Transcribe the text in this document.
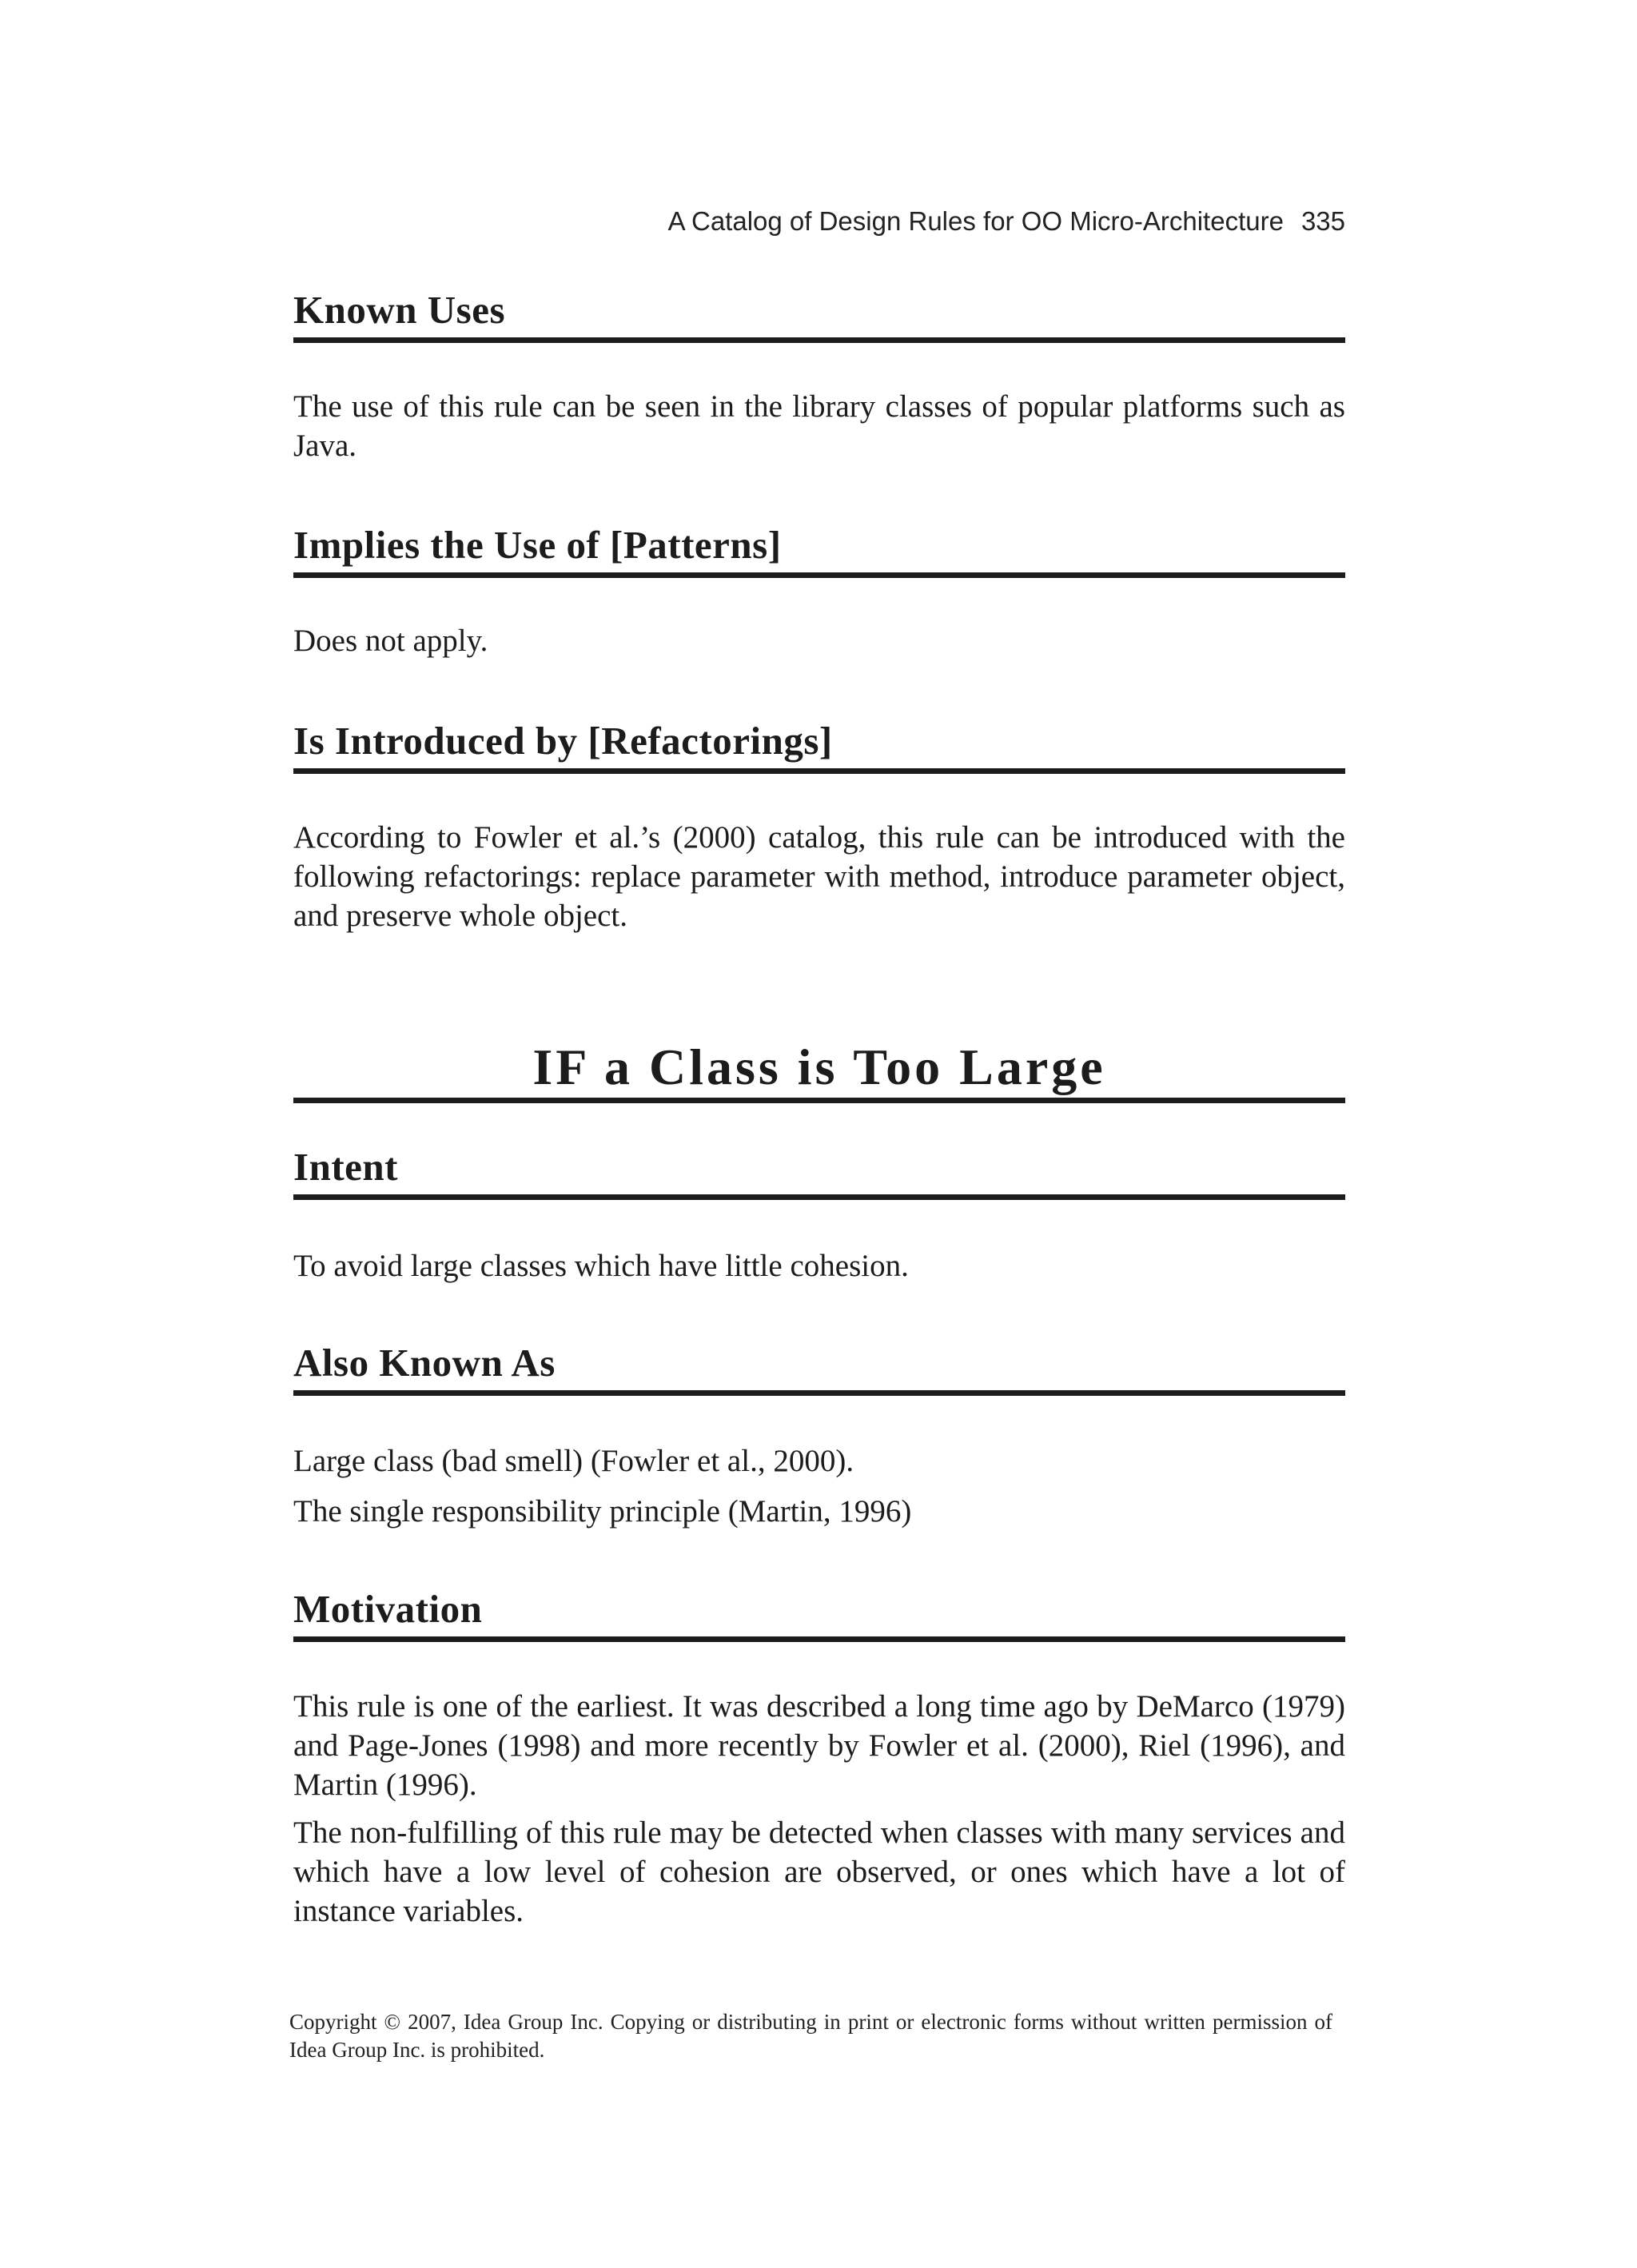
A Catalog of Design Rules for OO Micro-Architecture 335
Known Uses

The use of this rule can be seen in the library classes of popular platforms such as Java.

Implies the Use of [Patterns]

Does not apply.

Is Introduced by [Refactorings]

According to Fowler et al.’s (2000) catalog, this rule can be introduced with the following refactorings: replace parameter with method, introduce parameter object, and preserve whole object.

IF a Class is Too Large
Intent

To avoid large classes which have little cohesion.

Also Known As

Large class (bad smell) (Fowler et al., 2000).

The single responsibility principle (Martin, 1996)

Motivation

This rule is one of the earliest. It was described a long time ago by DeMarco (1979) and Page-Jones (1998) and more recently by Fowler et al. (2000), Riel (1996), and Martin (1996).

The non-fulfilling of this rule may be detected when classes with many services and which have a low level of cohesion are observed, or ones which have a lot of instance variables.

Copyright © 2007, Idea Group Inc. Copying or distributing in print or electronic forms without written permission of Idea Group Inc. is prohibited.
